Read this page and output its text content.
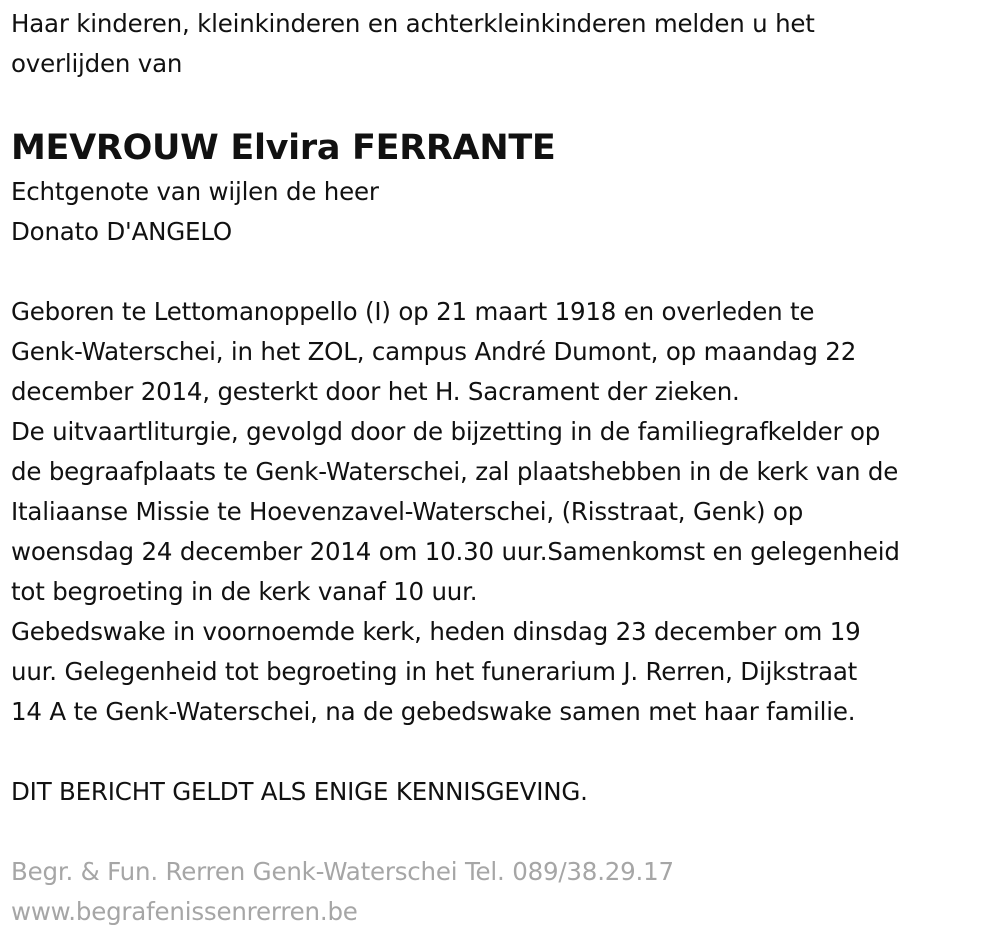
Haar kinderen, kleinkinderen en achterkleinkinderen melden u het
overlijden van

MEVROUW Elvira FERRANTE

Echtgenote van wijlen de heer
Donato D'ANGELO

Geboren te Lettomanoppello (I) op 21 maart 1918 en overleden te
Genk-Waterschei, in het ZOL, campus André Dumont, op maandag 22
december 2014, gesterkt door het H. Sacrament der zieken.
De uitvaartliturgie, gevolgd door de bijzetting in de familiegrafkelder op
de begraafplaats te Genk-Waterschei, zal plaatshebben in de kerk van de
Italiaanse Missie te Hoevenzavel-Waterschei, (Risstraat, Genk) op
woensdag 24 december 2014 om 10.30 uur.Samenkomst en gelegenheid
tot begroeting in de kerk vanaf 10 uur.
Gebedswake in voornoemde kerk, heden dinsdag 23 december om 19
uur. Gelegenheid tot begroeting in het funerarium J. Rerren, Dijkstraat
14 A te Genk-Waterschei, na de gebedswake samen met haar familie.

DIT BERICHT GELDT ALS ENIGE KENNISGEVING.

Begr. & Fun. Rerren Genk-Waterschei Tel. 089/38.29.17
www.begrafenissenrerren.be
